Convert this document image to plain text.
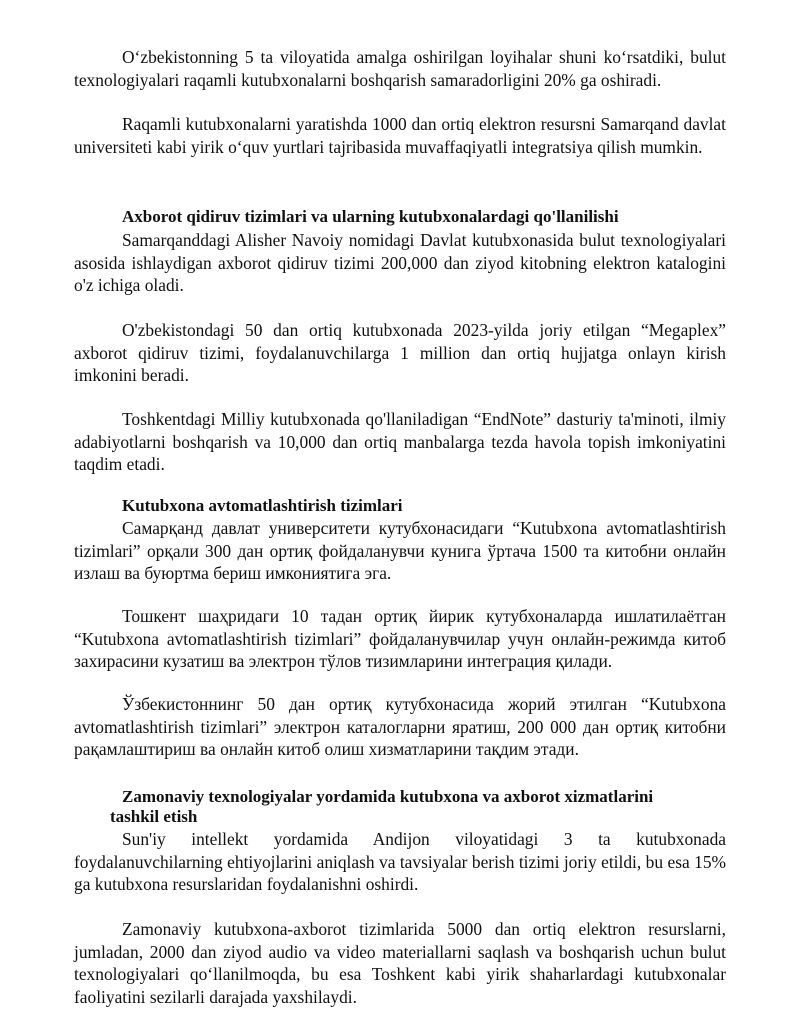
O‘zbekistonning 5 ta viloyatida amalga oshirilgan loyihalar shuni ko‘rsatdiki, bulut texnologiyalari raqamli kutubxonalarni boshqarish samaradorligini 20% ga oshiradi.

Raqamli kutubxonalarni yaratishda 1000 dan ortiq elektron resursni Samarqand davlat universiteti kabi yirik o‘quv yurtlari tajribasida muvaffaqiyatli integratsiya qilish mumkin.

Axborot qidiruv tizimlari va ularning kutubxonalardagi qo'llanilishi

Samarqanddagi Alisher Navoiy nomidagi Davlat kutubxonasida bulut texnologiyalari asosida ishlaydigan axborot qidiruv tizimi 200,000 dan ziyod kitobning elektron katalogini o'z ichiga oladi.

O'zbekistondagi 50 dan ortiq kutubxonada 2023-yilda joriy etilgan “Megaplex” axborot qidiruv tizimi, foydalanuvchilarga 1 million dan ortiq hujjatga onlayn kirish imkonini beradi.

Toshkentdagi Milliy kutubxonada qo'llaniladigan “EndNote” dasturiy ta'minoti, ilmiy adabiyotlarni boshqarish va 10,000 dan ortiq manbalarga tezda havola topish imkoniyatini taqdim etadi.

Kutubxona avtomatlashtirish tizimlari

Самарқанд давлат университети кутубхонасидаги “Kutubxona avtomatlashtirish tizimlari” орқали 300 дан ортиқ фойдаланувчи кунига ўртача 1500 та китобни онлайн излаш ва буюртма бериш имкониятига эга.

Тошкент шаҳридаги 10 тадан ортиқ йирик кутубхоналарда ишлатилаётган “Kutubxona avtomatlashtirish tizimlari” фойдаланувчилар учун онлайн-режимда китоб захирасини кузатиш ва электрон тўлов тизимларини интеграция қилади.

Ўзбекистоннинг 50 дан ортиқ кутубхонасида жорий этилган “Kutubxona avtomatlashtirish tizimlari” электрон каталогларни яратиш, 200 000 дан ортиқ китобни рақамлаштириш ва онлайн китоб олиш хизматларини тақдим этади.

Zamonaviy texnologiyalar yordamida kutubxona va axborot xizmatlarini
tashkil etish

Sun'iy intellekt yordamida Andijon viloyatidagi 3 ta kutubxonada foydalanuvchilarning ehtiyojlarini aniqlash va tavsiyalar berish tizimi joriy etildi, bu esa 15% ga kutubxona resurslaridan foydalanishni oshirdi.

Zamonaviy kutubxona-axborot tizimlarida 5000 dan ortiq elektron resurslarni, jumladan, 2000 dan ziyod audio va video materiallarni saqlash va boshqarish uchun bulut texnologiyalari qo‘llanilmoqda, bu esa Toshkent kabi yirik shaharlardagi kutubxonalar faoliyatini sezilarli darajada yaxshilaydi.
